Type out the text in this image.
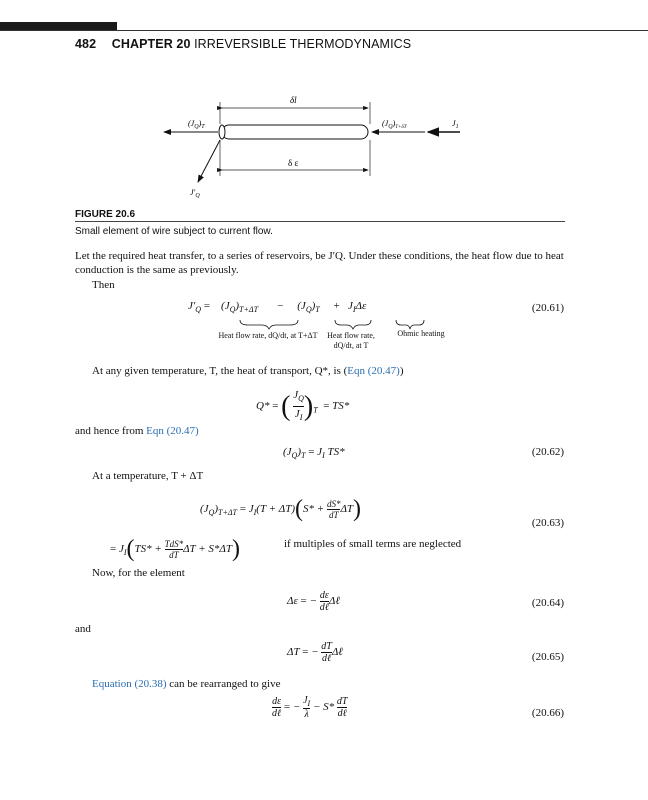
482 CHAPTER 20 IRREVERSIBLE THERMODYNAMICS
δl
$(J_Q)_T$	$(J_Q)_{T+\delta T}$	$J_1$
δ ε
$J'_Q$
FIGURE 20.6
Small element of wire subject to current flow.
Let the required heat transfer, to a series of reservoirs, be J′Q. Under these conditions, the heat flow due to heat conduction is the same as previously.
Then
$J'_Q$ =    $(J_Q)_{T+\Delta T}$ −     $(J_Q)_T + J_I\Delta\varepsilon$
Heat flow rate, dQ/dt, at T+ΔT	Heat flow rate, dQ/dt, at T
Ohmic heating
(20.61)
At any given temperature, T, the heat of transport, Q*, is (Eqn (20.47))
Q* = ( $\frac{J_Q}{J_I} )_T = TS*$
and hence from Eqn (20.47)
$(J_Q)_T = J_I$ TS*	(20.62)
At a temperature, T + ΔT
$(J_Q)_{T+\Delta T} = J_I(T + \Delta T)(S* + \frac{dS*}{dT} \Delta T)$
(20.63)
= $J_I(TS* + TdS*$
dT ΔT + S*ΔT)	if multiples of small terms are neglected
Now, for the element
Δε = − dε
dℓ
Δℓ	(20.64)
and
ΔT = − dT
dℓ
Δℓ	(20.65)
Equation (20.38) can be rearranged to give
dε
dℓ
= − $\frac{J_I}{\lambda} - S*$ dT
dℓ	(20.66)
